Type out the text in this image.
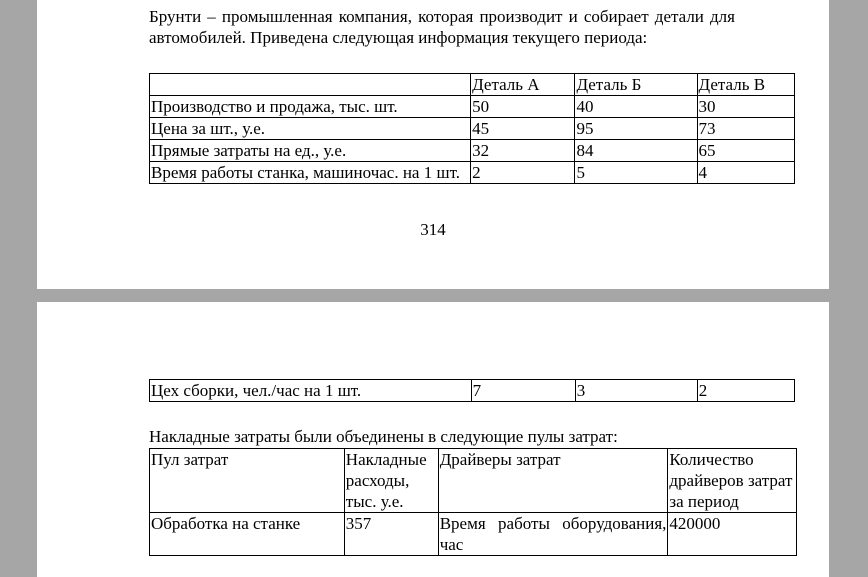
Брунти – промышленная компания, которая производит и собирает детали для автомобилей. Приведена следующая информация текущего периода:
	Деталь А	Деталь Б	Деталь В
Производство и продажа, тыс. шт.	50	40	30
Цена за шт., у.е.	45	95	73
Прямые затраты на ед., у.е.	32	84	65
Время работы станка, машиночас. на 1 шт.	2	5	4
314
Цех сборки, чел./час на 1 шт.	7	3	2
Накладные затраты были объединены в следующие пулы затрат:
Пул затрат	Накладные расходы, тыс. у.е.	Драйверы затрат	Количество драйверов затрат за период
Обработка на станке	357	Время работы оборудования, час	420000
